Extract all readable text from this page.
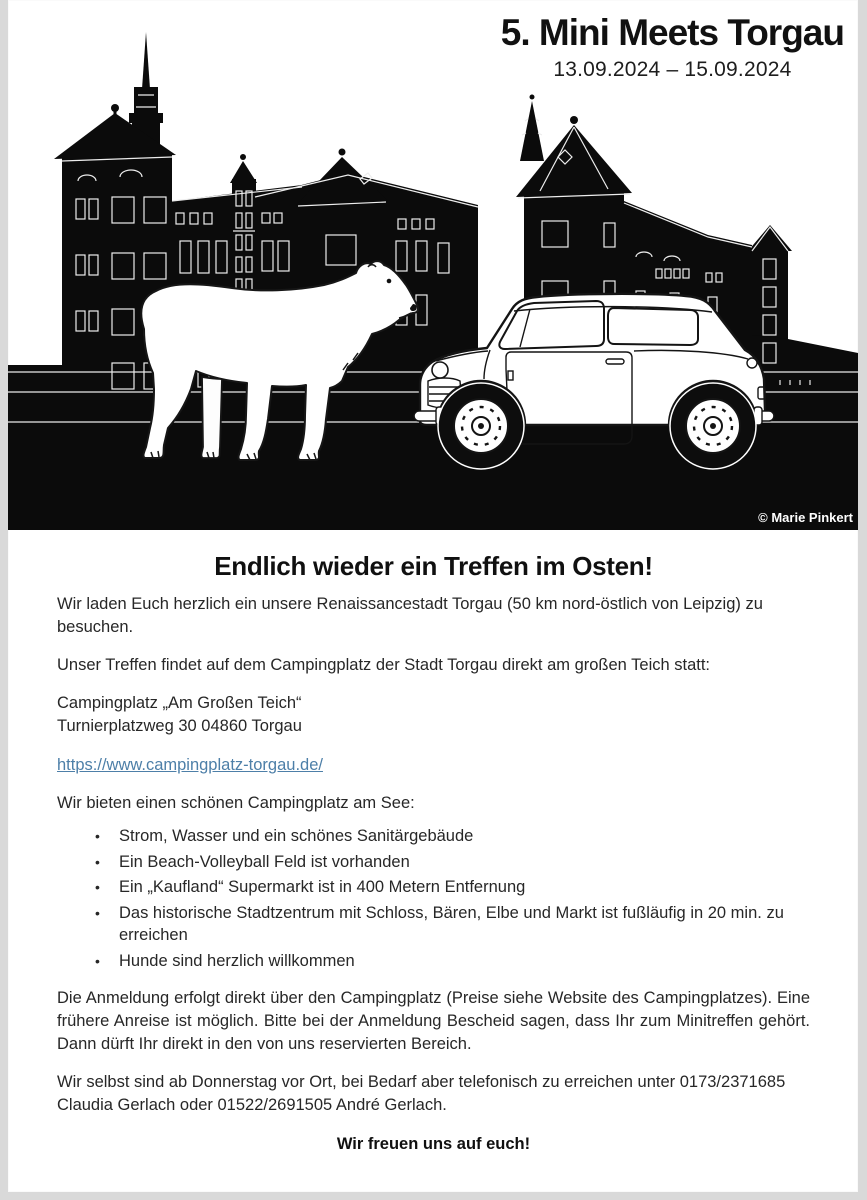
5. Mini Meets Torgau
13.09.2024 – 15.09.2024
© Marie Pinkert
Endlich wieder ein Treffen im Osten!

Wir laden Euch herzlich ein unsere Renaissancestadt Torgau (50 km nord-östlich von Leipzig) zu besuchen.

Unser Treffen findet auf dem Campingplatz der Stadt Torgau direkt am großen Teich statt:

Campingplatz „Am Großen Teich“

Turnierplatzweg 30 04860 Torgau

https://www.campingplatz-torgau.de/

Wir bieten einen schönen Campingplatz am See:

• Strom, Wasser und ein schönes Sanitärgebäude
• Ein Beach-Volleyball Feld ist vorhanden
• Ein „Kaufland“ Supermarkt ist in 400 Metern Entfernung
• Das historische Stadtzentrum mit Schloss, Bären, Elbe und Markt ist fußläufig in 20 min. zu erreichen
• Hunde sind herzlich willkommen

Die Anmeldung erfolgt direkt über den Campingplatz (Preise siehe Website des Campingplatzes). Eine frühere Anreise ist möglich. Bitte bei der Anmeldung Bescheid sagen, dass Ihr zum Minitreffen gehört. Dann dürft Ihr direkt in den von uns reservierten Bereich.

Wir selbst sind ab Donnerstag vor Ort, bei Bedarf aber telefonisch zu erreichen unter 0173/2371685 Claudia Gerlach oder 01522/2691505 André Gerlach.

Wir freuen uns auf euch!
